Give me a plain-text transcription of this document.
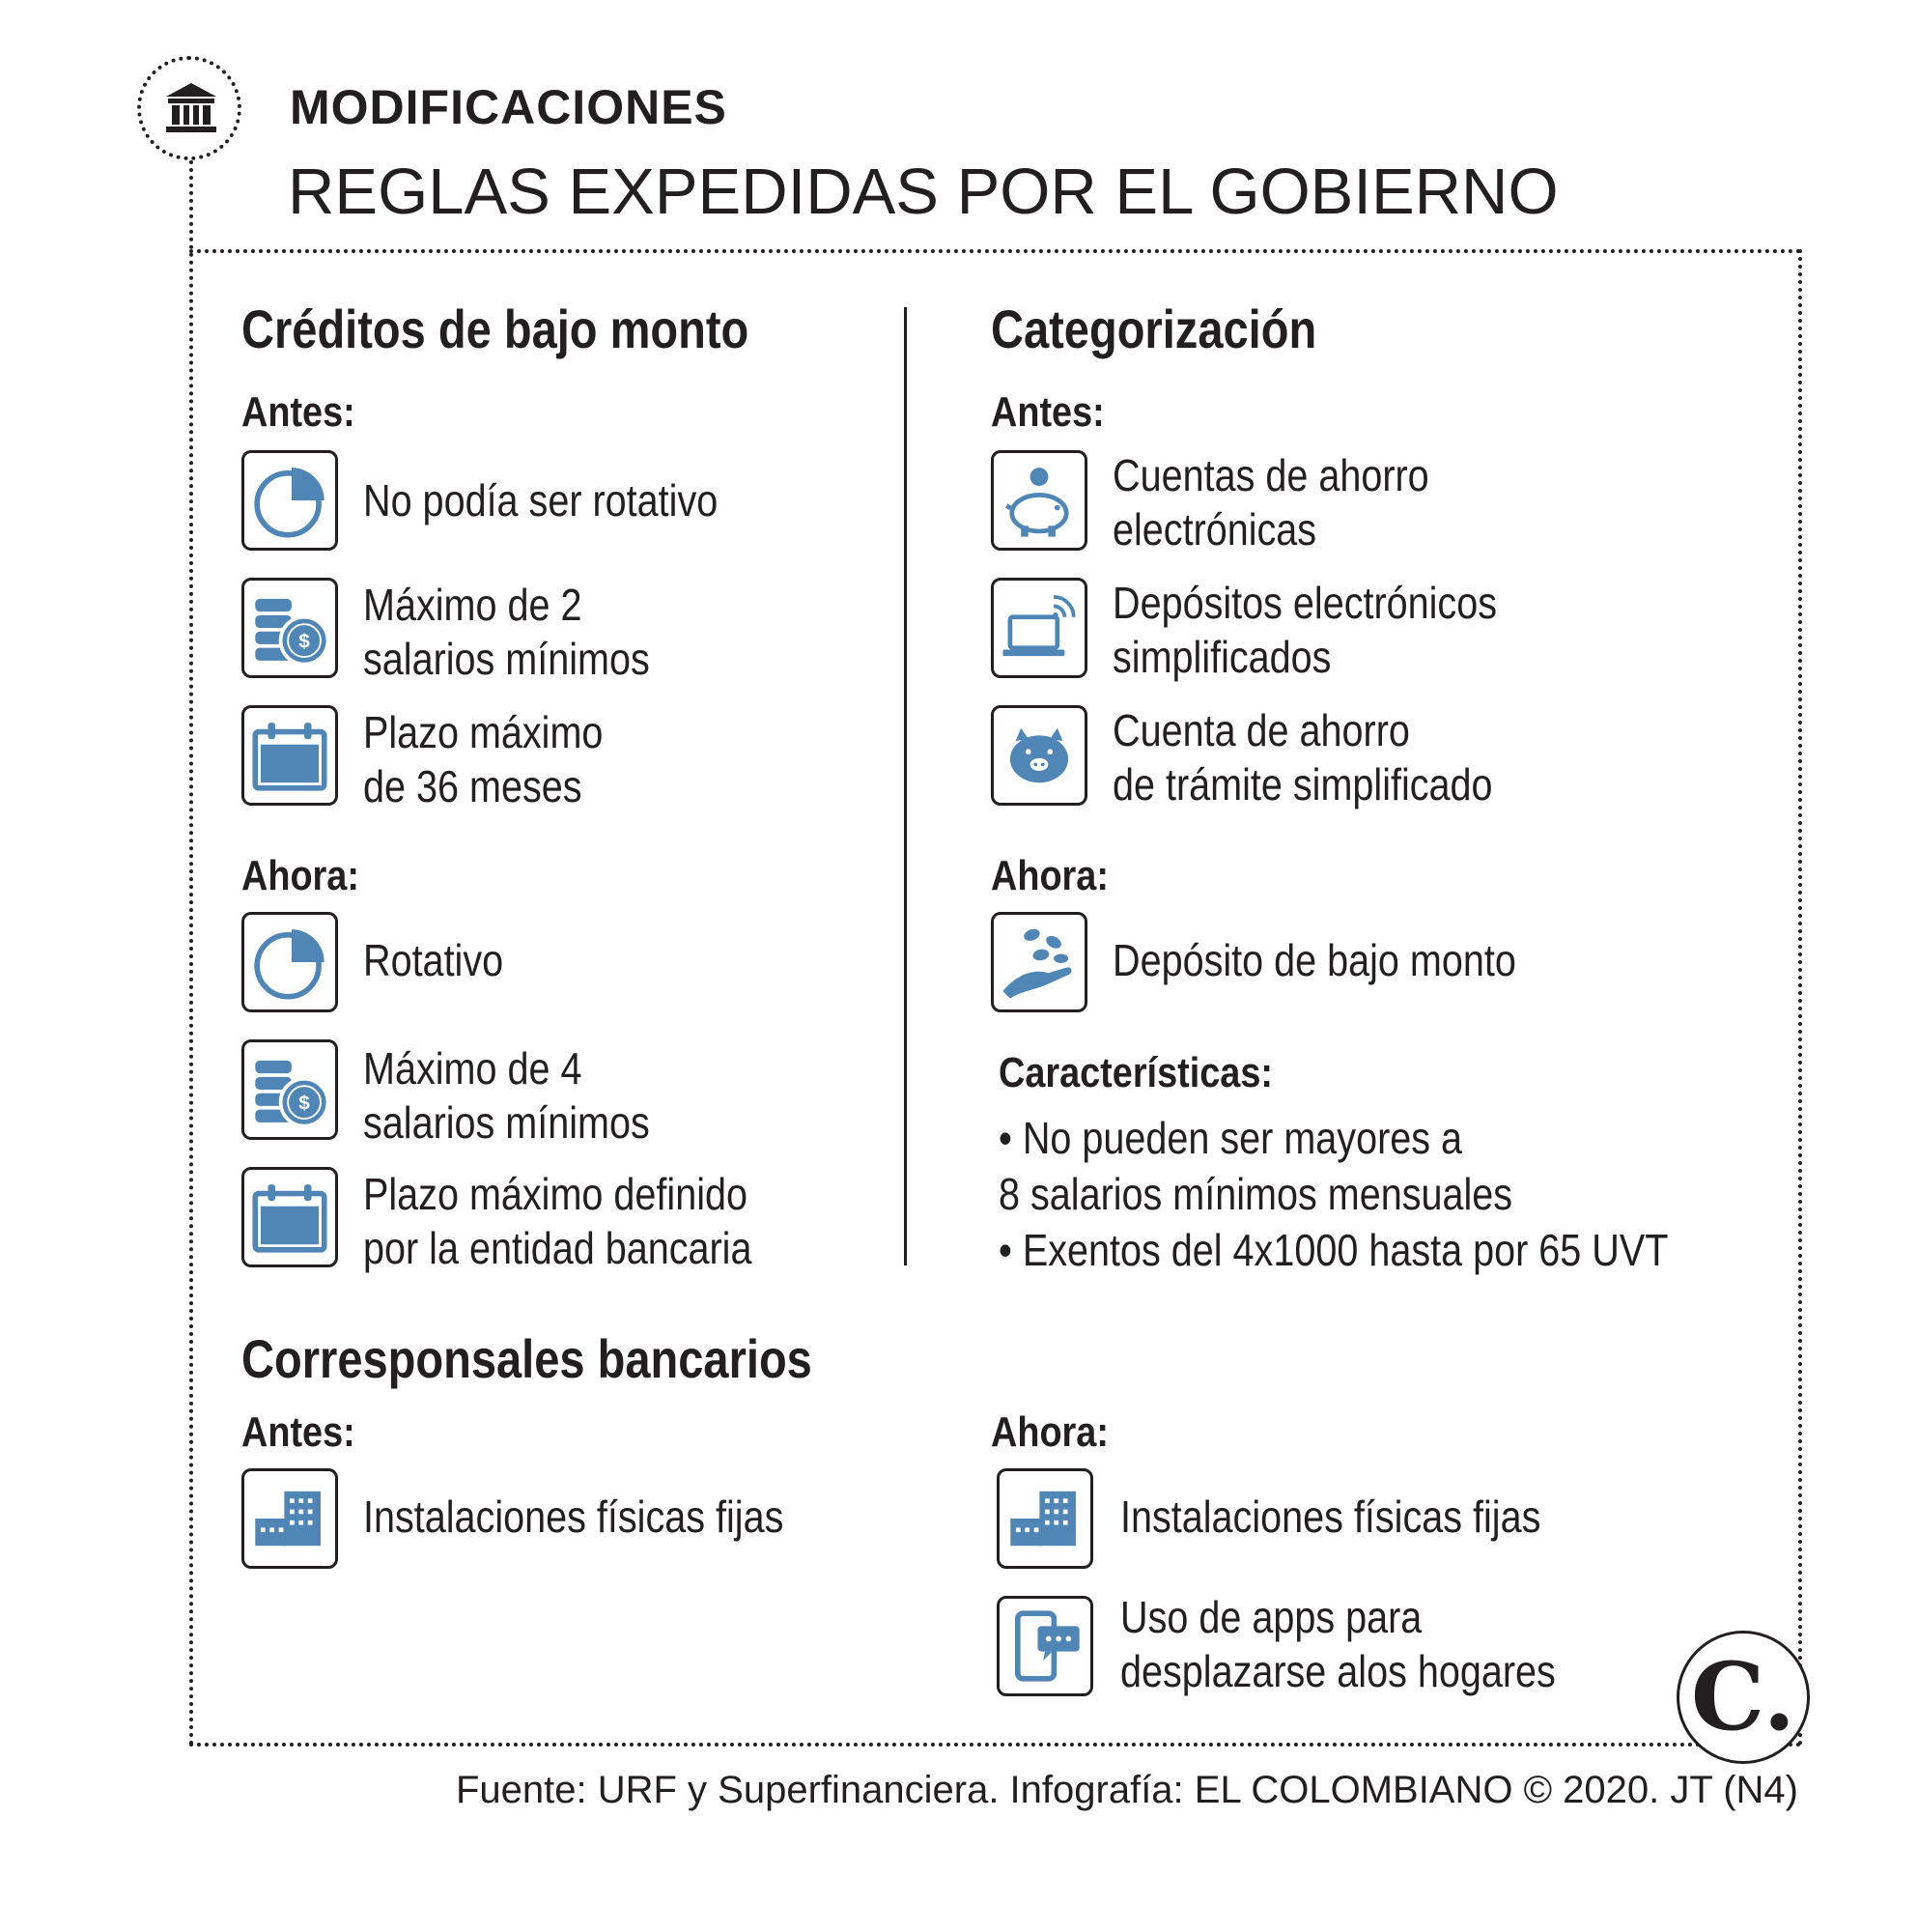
MODIFICACIONES
REGLAS EXPEDIDAS POR EL GOBIERNO
Créditos de bajo monto
Antes:
No podía ser rotativo
$
Máximo de 2
salarios mínimos
Plazo máximo
de 36 meses
Ahora:
Rotativo
$
Máximo de 4
salarios mínimos
Plazo máximo definido
por la entidad bancaria
Categorización
Antes:
Cuentas de ahorro
electrónicas
Depósitos electrónicos
simplificados
Cuenta de ahorro
de trámite simplificado
Ahora:
Depósito de bajo monto
Características:
• No pueden ser mayores a
8 salarios mínimos mensuales
• Exentos del 4x1000 hasta por 65 UVT
Corresponsales bancarios
Antes:
Instalaciones físicas fijas
Ahora:
Instalaciones físicas fijas
Uso de apps para
desplazarse alos hogares C.
Fuente: URF y Superfinanciera. Infografía: EL COLOMBIANO © 2020. JT (N4)
